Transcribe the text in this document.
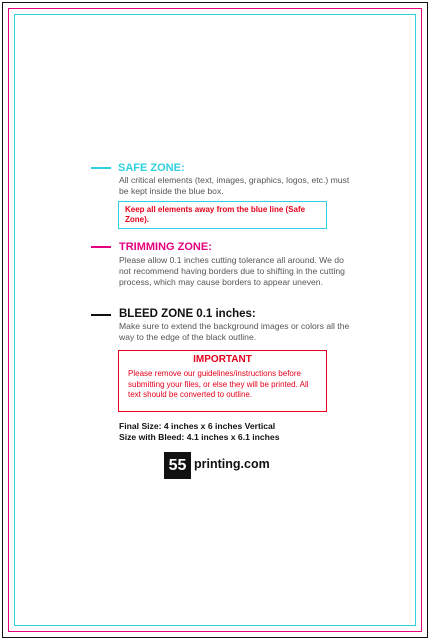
SAFE ZONE:
All critical elements (text, images, graphics, logos, etc.) must be kept inside the blue box.
Keep all elements away from the blue line (Safe Zone).
TRIMMING ZONE:
Please allow 0.1 inches cutting tolerance all around. We do not recommend having borders due to shifting in the cutting process, which may cause borders to appear uneven.
BLEED ZONE 0.1 inches:
Make sure to extend the background images or colors all the way to the edge of the black outline.
IMPORTANT
Please remove our guidelines/instructions before submitting your files, or else they will be printed. All text should be converted to outline.
Final Size: 4 inches x 6 inches Vertical
Size with Bleed: 4.1 inches x 6.1 inches
55 printing.com
